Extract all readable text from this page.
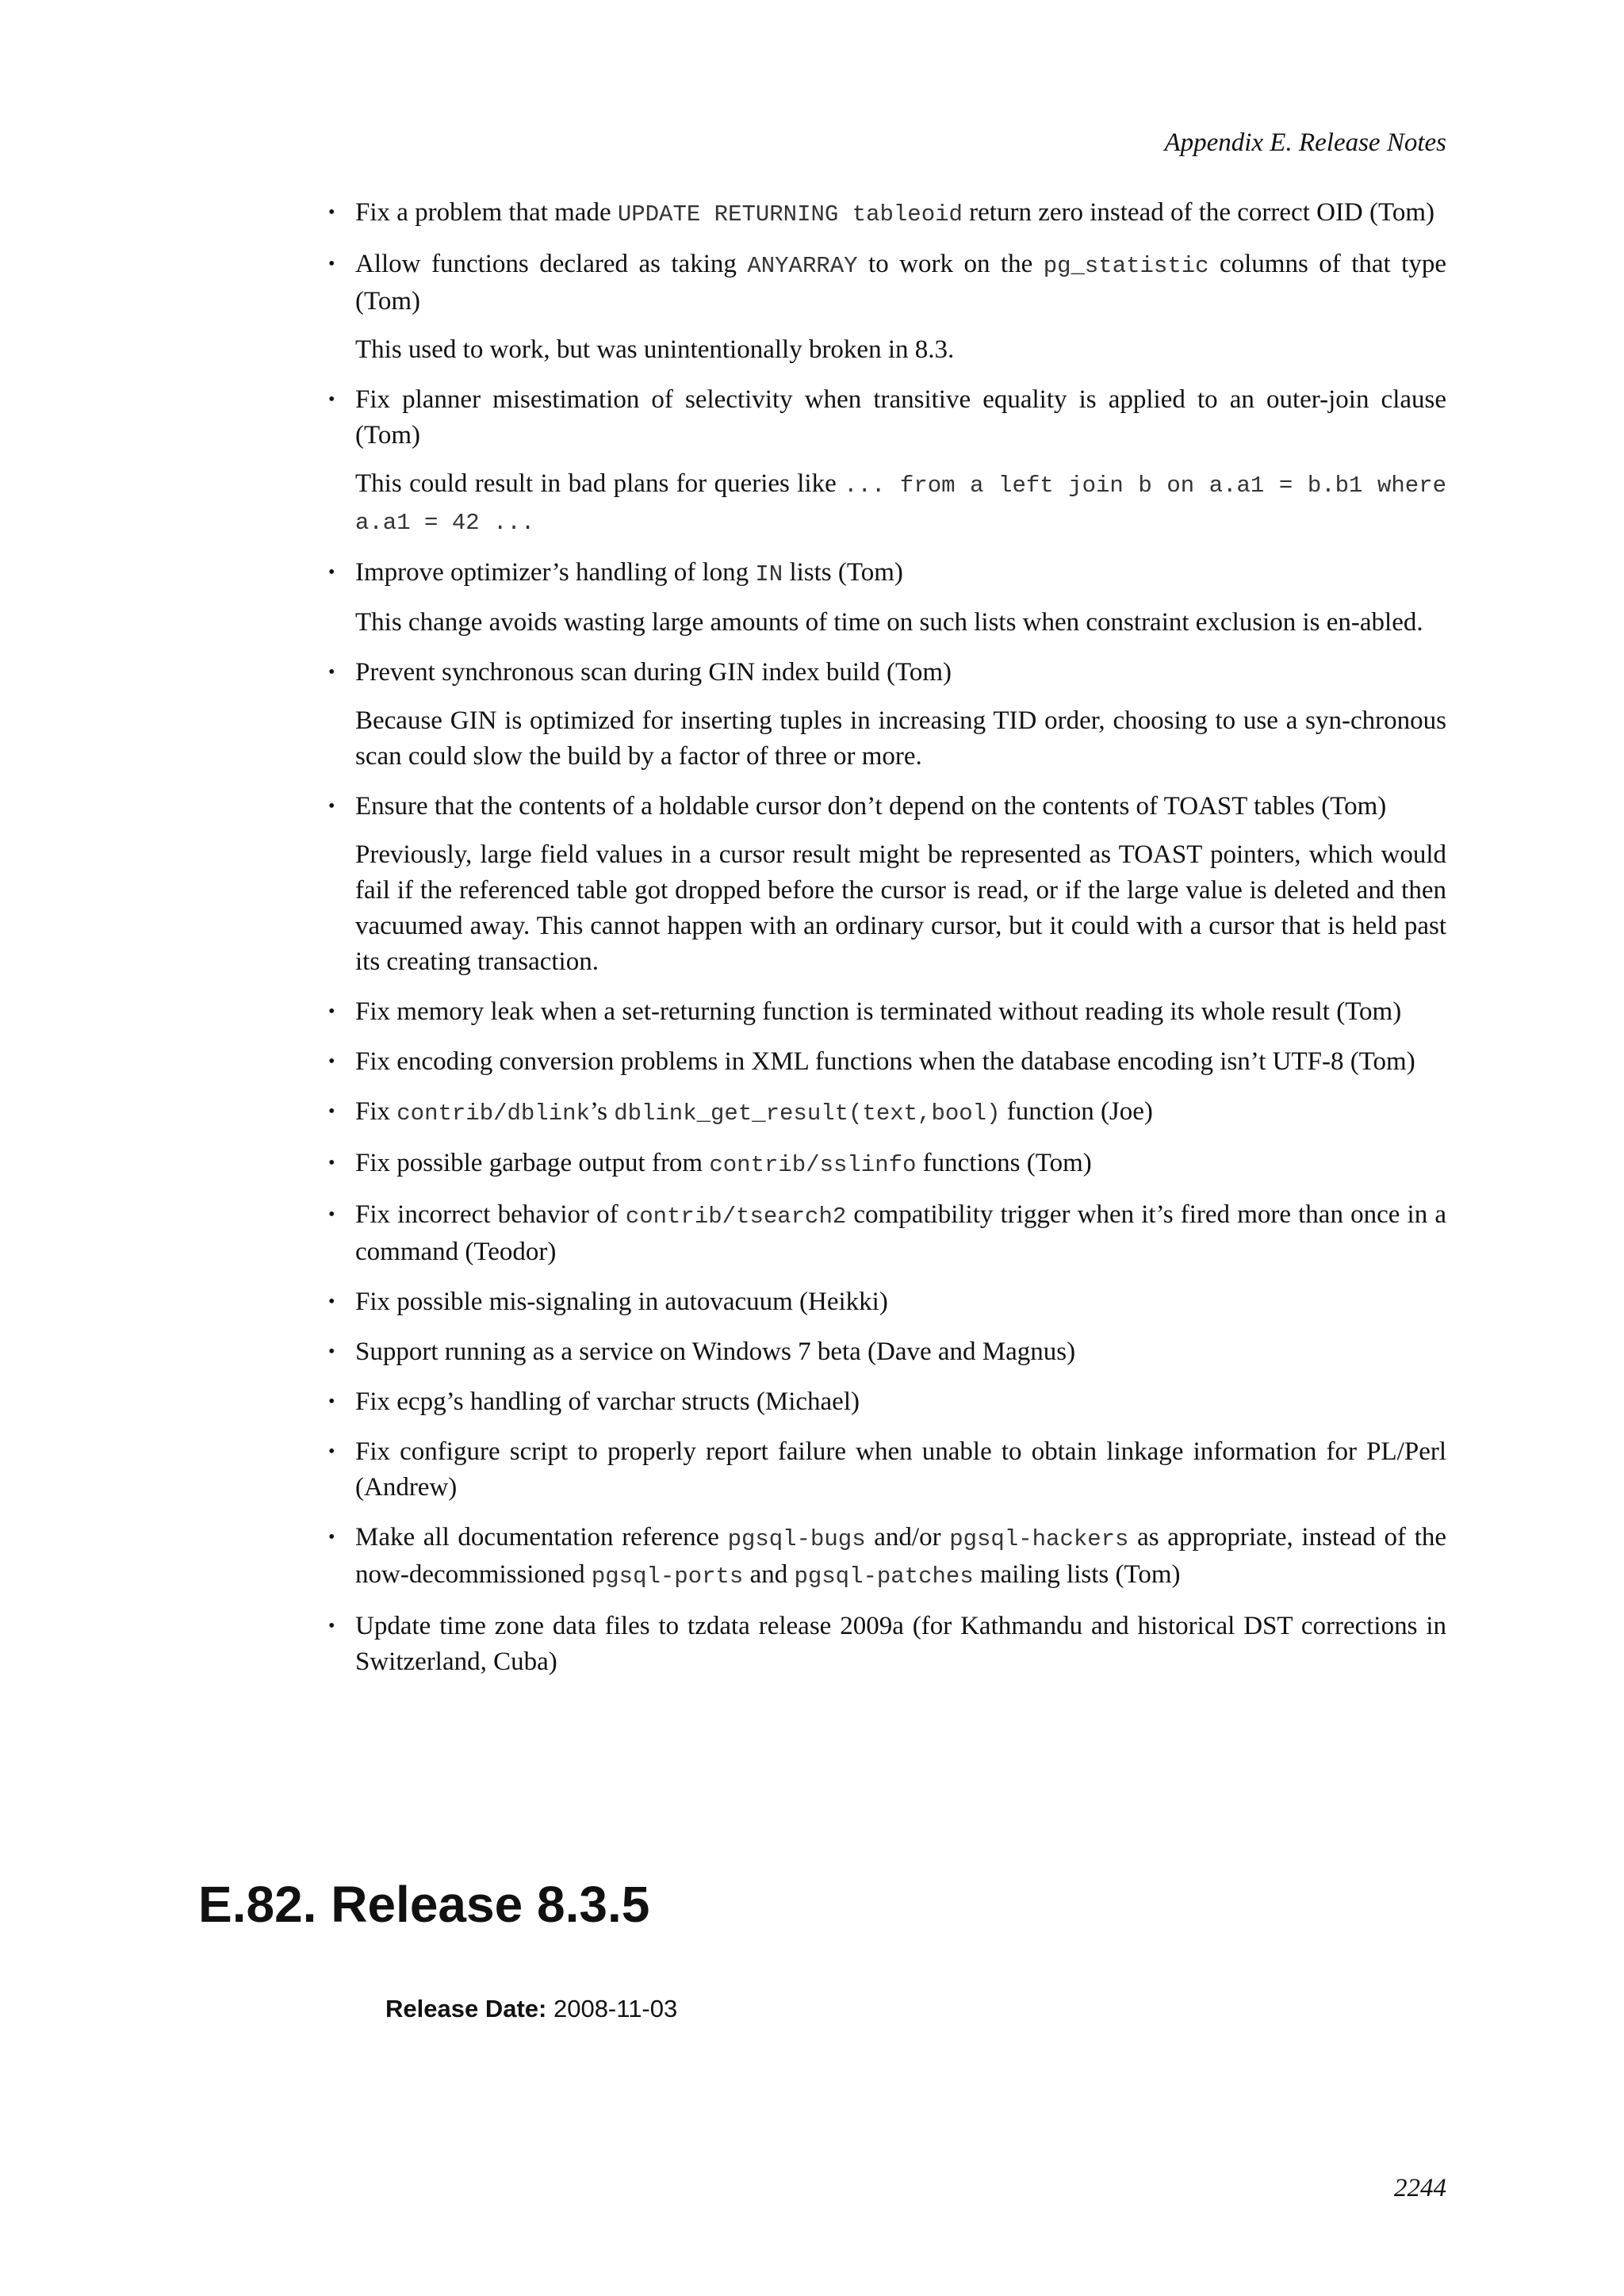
Appendix E. Release Notes
• Fix a problem that made UPDATE RETURNING tableoid return zero instead of the correct OID (Tom)

• Allow functions declared as taking ANYARRAY to work on the pg_statistic columns of that type (Tom)

This used to work, but was unintentionally broken in 8.3.

• Fix planner misestimation of selectivity when transitive equality is applied to an outer-join clause (Tom)

This could result in bad plans for queries like ... from a left join b on a.a1 = b.b1 where a.a1 = 42 ...

• Improve optimizer’s handling of long IN lists (Tom)

This change avoids wasting large amounts of time on such lists when constraint exclusion is en-abled.

• Prevent synchronous scan during GIN index build (Tom)

Because GIN is optimized for inserting tuples in increasing TID order, choosing to use a syn-chronous scan could slow the build by a factor of three or more.

• Ensure that the contents of a holdable cursor don’t depend on the contents of TOAST tables (Tom)

Previously, large field values in a cursor result might be represented as TOAST pointers, which would fail if the referenced table got dropped before the cursor is read, or if the large value is deleted and then vacuumed away. This cannot happen with an ordinary cursor, but it could with a cursor that is held past its creating transaction.

• Fix memory leak when a set-returning function is terminated without reading its whole result (Tom)

• Fix encoding conversion problems in XML functions when the database encoding isn’t UTF-8 (Tom)

• Fix contrib/dblink’s dblink_get_result(text,bool) function (Joe)

• Fix possible garbage output from contrib/sslinfo functions (Tom)

• Fix incorrect behavior of contrib/tsearch2 compatibility trigger when it’s fired more than once in a command (Teodor)

• Fix possible mis-signaling in autovacuum (Heikki)

• Support running as a service on Windows 7 beta (Dave and Magnus)

• Fix ecpg’s handling of varchar structs (Michael)

• Fix configure script to properly report failure when unable to obtain linkage information for PL/Perl (Andrew)

• Make all documentation reference pgsql-bugs and/or pgsql-hackers as appropriate, instead of the now-decommissioned pgsql-ports and pgsql-patches mailing lists (Tom)

• Update time zone data files to tzdata release 2009a (for Kathmandu and historical DST corrections in Switzerland, Cuba)

E.82. Release 8.3.5
Release Date: 2008-11-03
2244
